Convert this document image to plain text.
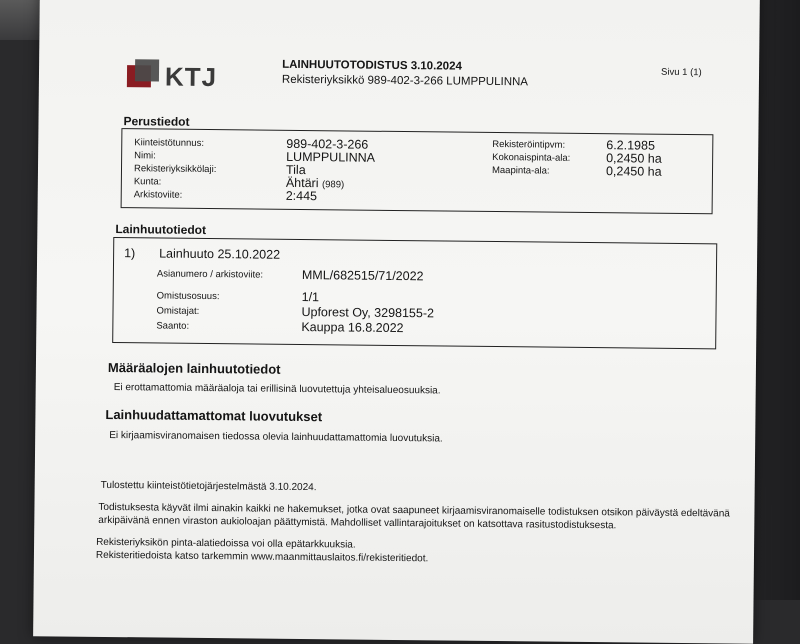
KTJ	LAINHUUTOTODISTUS 3.10.2024
Rekisteriyksikkö 989-402-3-266 LUMPPULINNA
Sivu 1 (1)
Perustiedot
Kiinteistötunnus:	989-402-3-266
Nimi:	LUMPPULINNA
Rekisteriyksikkölaji:	Tila
Kunta:	Ähtäri (989)
Arkistoviite:	2:445
Rekisteröintipvm:	6.2.1985
Kokonaispinta-ala:	0,2450 ha
Maapinta-ala:	0,2450 ha
Lainhuutotiedot
1) Lainhuuto 25.10.2022
Asianumero / arkistoviite:	MML/682515/71/2022
Omistusosuus:	1/1
Omistajat:	Upforest Oy, 3298155-2
Saanto:	Kauppa 16.8.2022
Määräalojen lainhuutotiedot
Ei erottamattomia määräaloja tai erillisinä luovutettuja yhteisalueosuuksia.
Lainhuudattamattomat luovutukset
Ei kirjaamisviranomaisen tiedossa olevia lainhuudattamattomia luovutuksia.
Tulostettu kiinteistötietojärjestelmästä 3.10.2024.
Todistuksesta käyvät ilmi ainakin kaikki ne hakemukset, jotka ovat saapuneet kirjaamisviranomaiselle todistuksen otsikon päiväystä edeltävänä
arkipäivänä ennen viraston aukioloajan päättymistä. Mahdolliset vallintarajoitukset on katsottava rasitustodistuksesta.
Rekisteriyksikön pinta-alatiedoissa voi olla epätarkkuuksia.
Rekisteritiedoista katso tarkemmin www.maanmittauslaitos.fi/rekisteritiedot.
